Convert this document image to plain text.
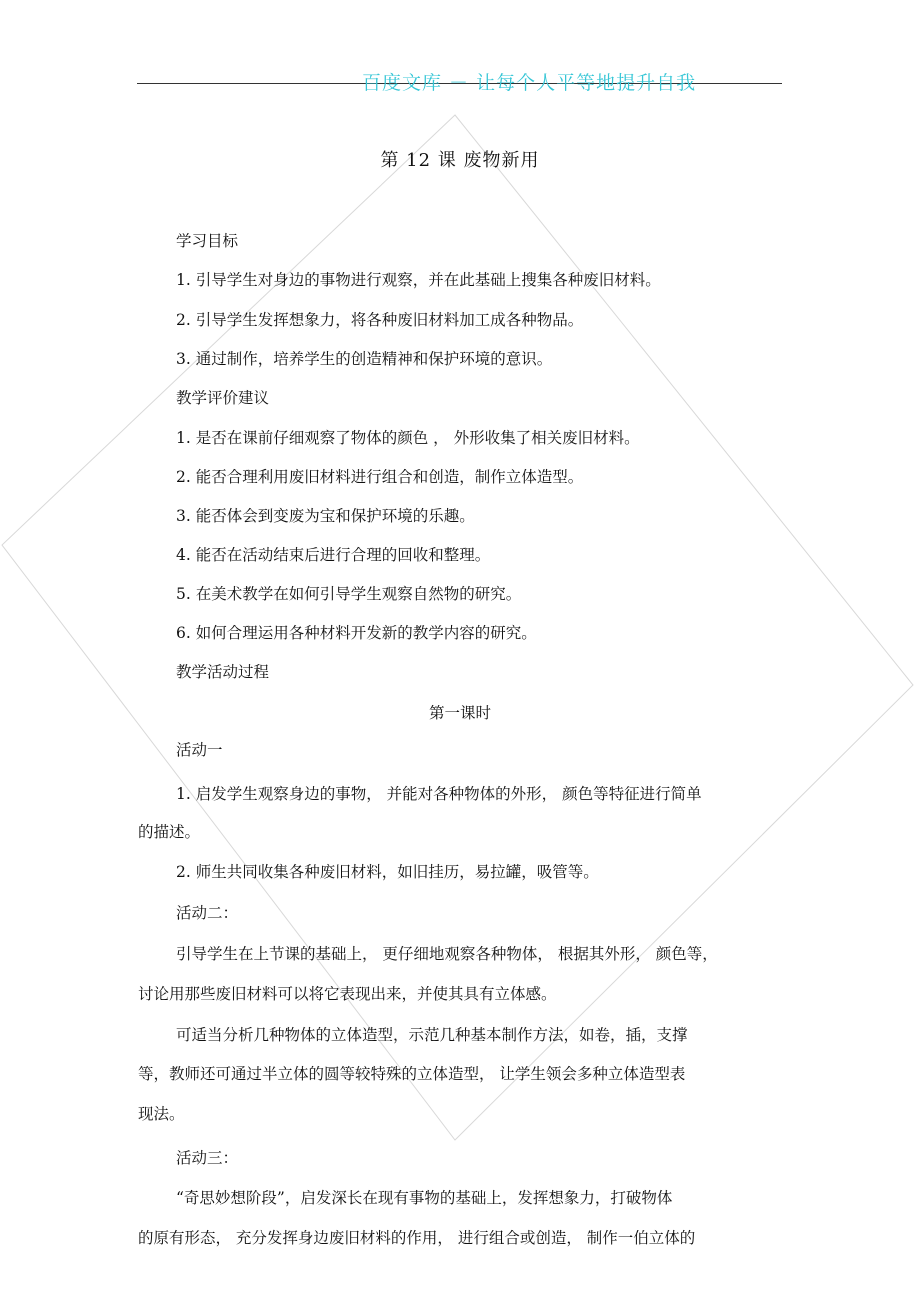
百度文库 － 让每个人平等地提升自我
第 12 课 废物新用
学习目标
1. 引导学生对身边的事物进行观察，并在此基础上搜集各种废旧材料。
2. 引导学生发挥想象力，将各种废旧材料加工成各种物品。
3. 通过制作，培养学生的创造精神和保护环境的意识。
教学评价建议
1. 是否在课前仔细观察了物体的颜色 ， 外形收集了相关废旧材料。
2. 能否合理利用废旧材料进行组合和创造，制作立体造型。
3. 能否体会到变废为宝和保护环境的乐趣。
4. 能否在活动结束后进行合理的回收和整理。
5. 在美术教学在如何引导学生观察自然物的研究。
6. 如何合理运用各种材料开发新的教学内容的研究。
教学活动过程
第一课时
活动一
1. 启发学生观察身边的事物， 并能对各种物体的外形， 颜色等特征进行简单
的描述。
2. 师生共同收集各种废旧材料，如旧挂历，易拉罐，吸管等。
活动二：
引导学生在上节课的基础上， 更仔细地观察各种物体， 根据其外形， 颜色等，
讨论用那些废旧材料可以将它表现出来，并使其具有立体感。
可适当分析几种物体的立体造型，示范几种基本制作方法，如卷，插，支撑
等，教师还可通过半立体的圆等较特殊的立体造型， 让学生领会多种立体造型表
现法。
活动三：
“奇思妙想阶段”，启发深长在现有事物的基础上，发挥想象力，打破物体
的原有形态， 充分发挥身边废旧材料的作用， 进行组合或创造， 制作一伯立体的
